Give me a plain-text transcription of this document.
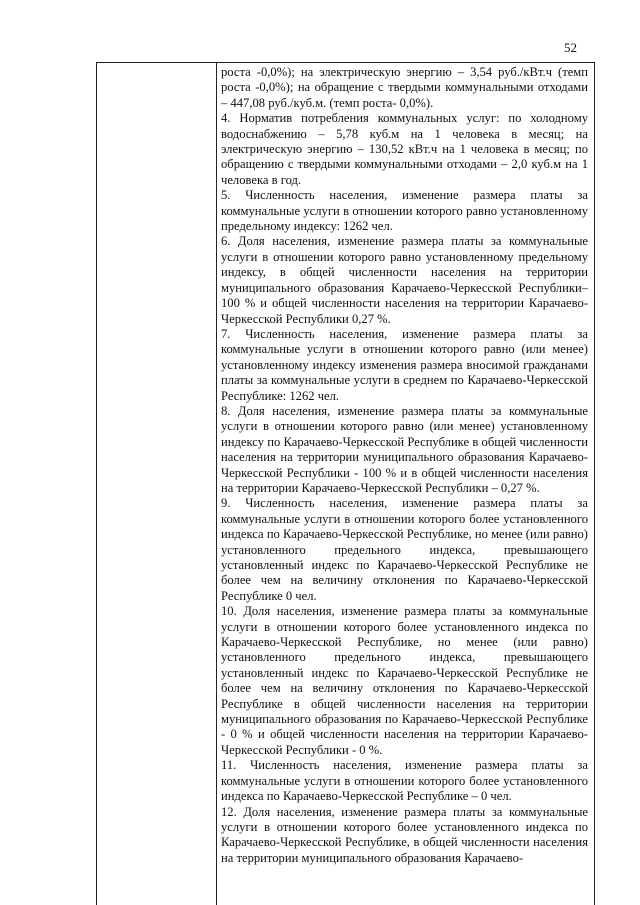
52

роста -0,0%); на электрическую энергию – 3,54 руб./кВт.ч (темп роста -0,0%); на обращение с твердыми коммунальными отходами – 447,08 руб./куб.м. (темп роста- 0,0%).

4. Норматив потребления коммунальных услуг: по холодному водоснабжению – 5,78 куб.м на 1 человека в месяц; на электрическую энергию – 130,52 кВт.ч на 1 человека в месяц; по обращению с твердыми коммунальными отходами – 2,0 куб.м на 1 человека в год.

5. Численность населения, изменение размера платы за коммунальные услуги в отношении которого равно установленному предельному индексу: 1262 чел.

6. Доля населения, изменение размера платы за коммунальные услуги в отношении которого равно установленному предельному индексу, в общей численности населения на территории муниципального образования Карачаево-Черкесской Республики–100 % и общей численности населения на территории Карачаево-Черкесской Республики 0,27 %.

7. Численность населения, изменение размера платы за коммунальные услуги в отношении которого равно (или менее) установленному индексу изменения размера вносимой гражданами платы за коммунальные услуги в среднем по Карачаево-Черкесской Республике: 1262 чел.

8. Доля населения, изменение размера платы за коммунальные услуги в отношении которого равно (или менее) установленному индексу по Карачаево-Черкесской Республике в общей численности населения на территории муниципального образования Карачаево-Черкесской Республики - 100 % и в общей численности населения на территории Карачаево-Черкесской Республики – 0,27 %.

9. Численность населения, изменение размера платы за коммунальные услуги в отношении которого более установленного индекса по Карачаево-Черкесской Республике, но менее (или равно) установленного предельного индекса, превышающего установленный индекс по Карачаево-Черкесской Республике не более чем на величину отклонения по Карачаево-Черкесской Республике 0 чел.

10. Доля населения, изменение размера платы за коммунальные услуги в отношении которого более установленного индекса по Карачаево-Черкесской Республике, но менее (или равно) установленного предельного индекса, превышающего установленный индекс по Карачаево-Черкесской Республике не более чем на величину отклонения по Карачаево-Черкесской Республике в общей численности населения на территории муниципального образования по Карачаево-Черкесской Республике - 0 % и общей численности населения на территории Карачаево-Черкесской Республики - 0 %.

11. Численность населения, изменение размера платы за коммунальные услуги в отношении которого более установленного индекса по Карачаево-Черкесской Республике – 0 чел.

12. Доля населения, изменение размера платы за коммунальные услуги в отношении которого более установленного индекса по Карачаево-Черкесской Республике, в общей численности населения на территории муниципального образования Карачаево-
